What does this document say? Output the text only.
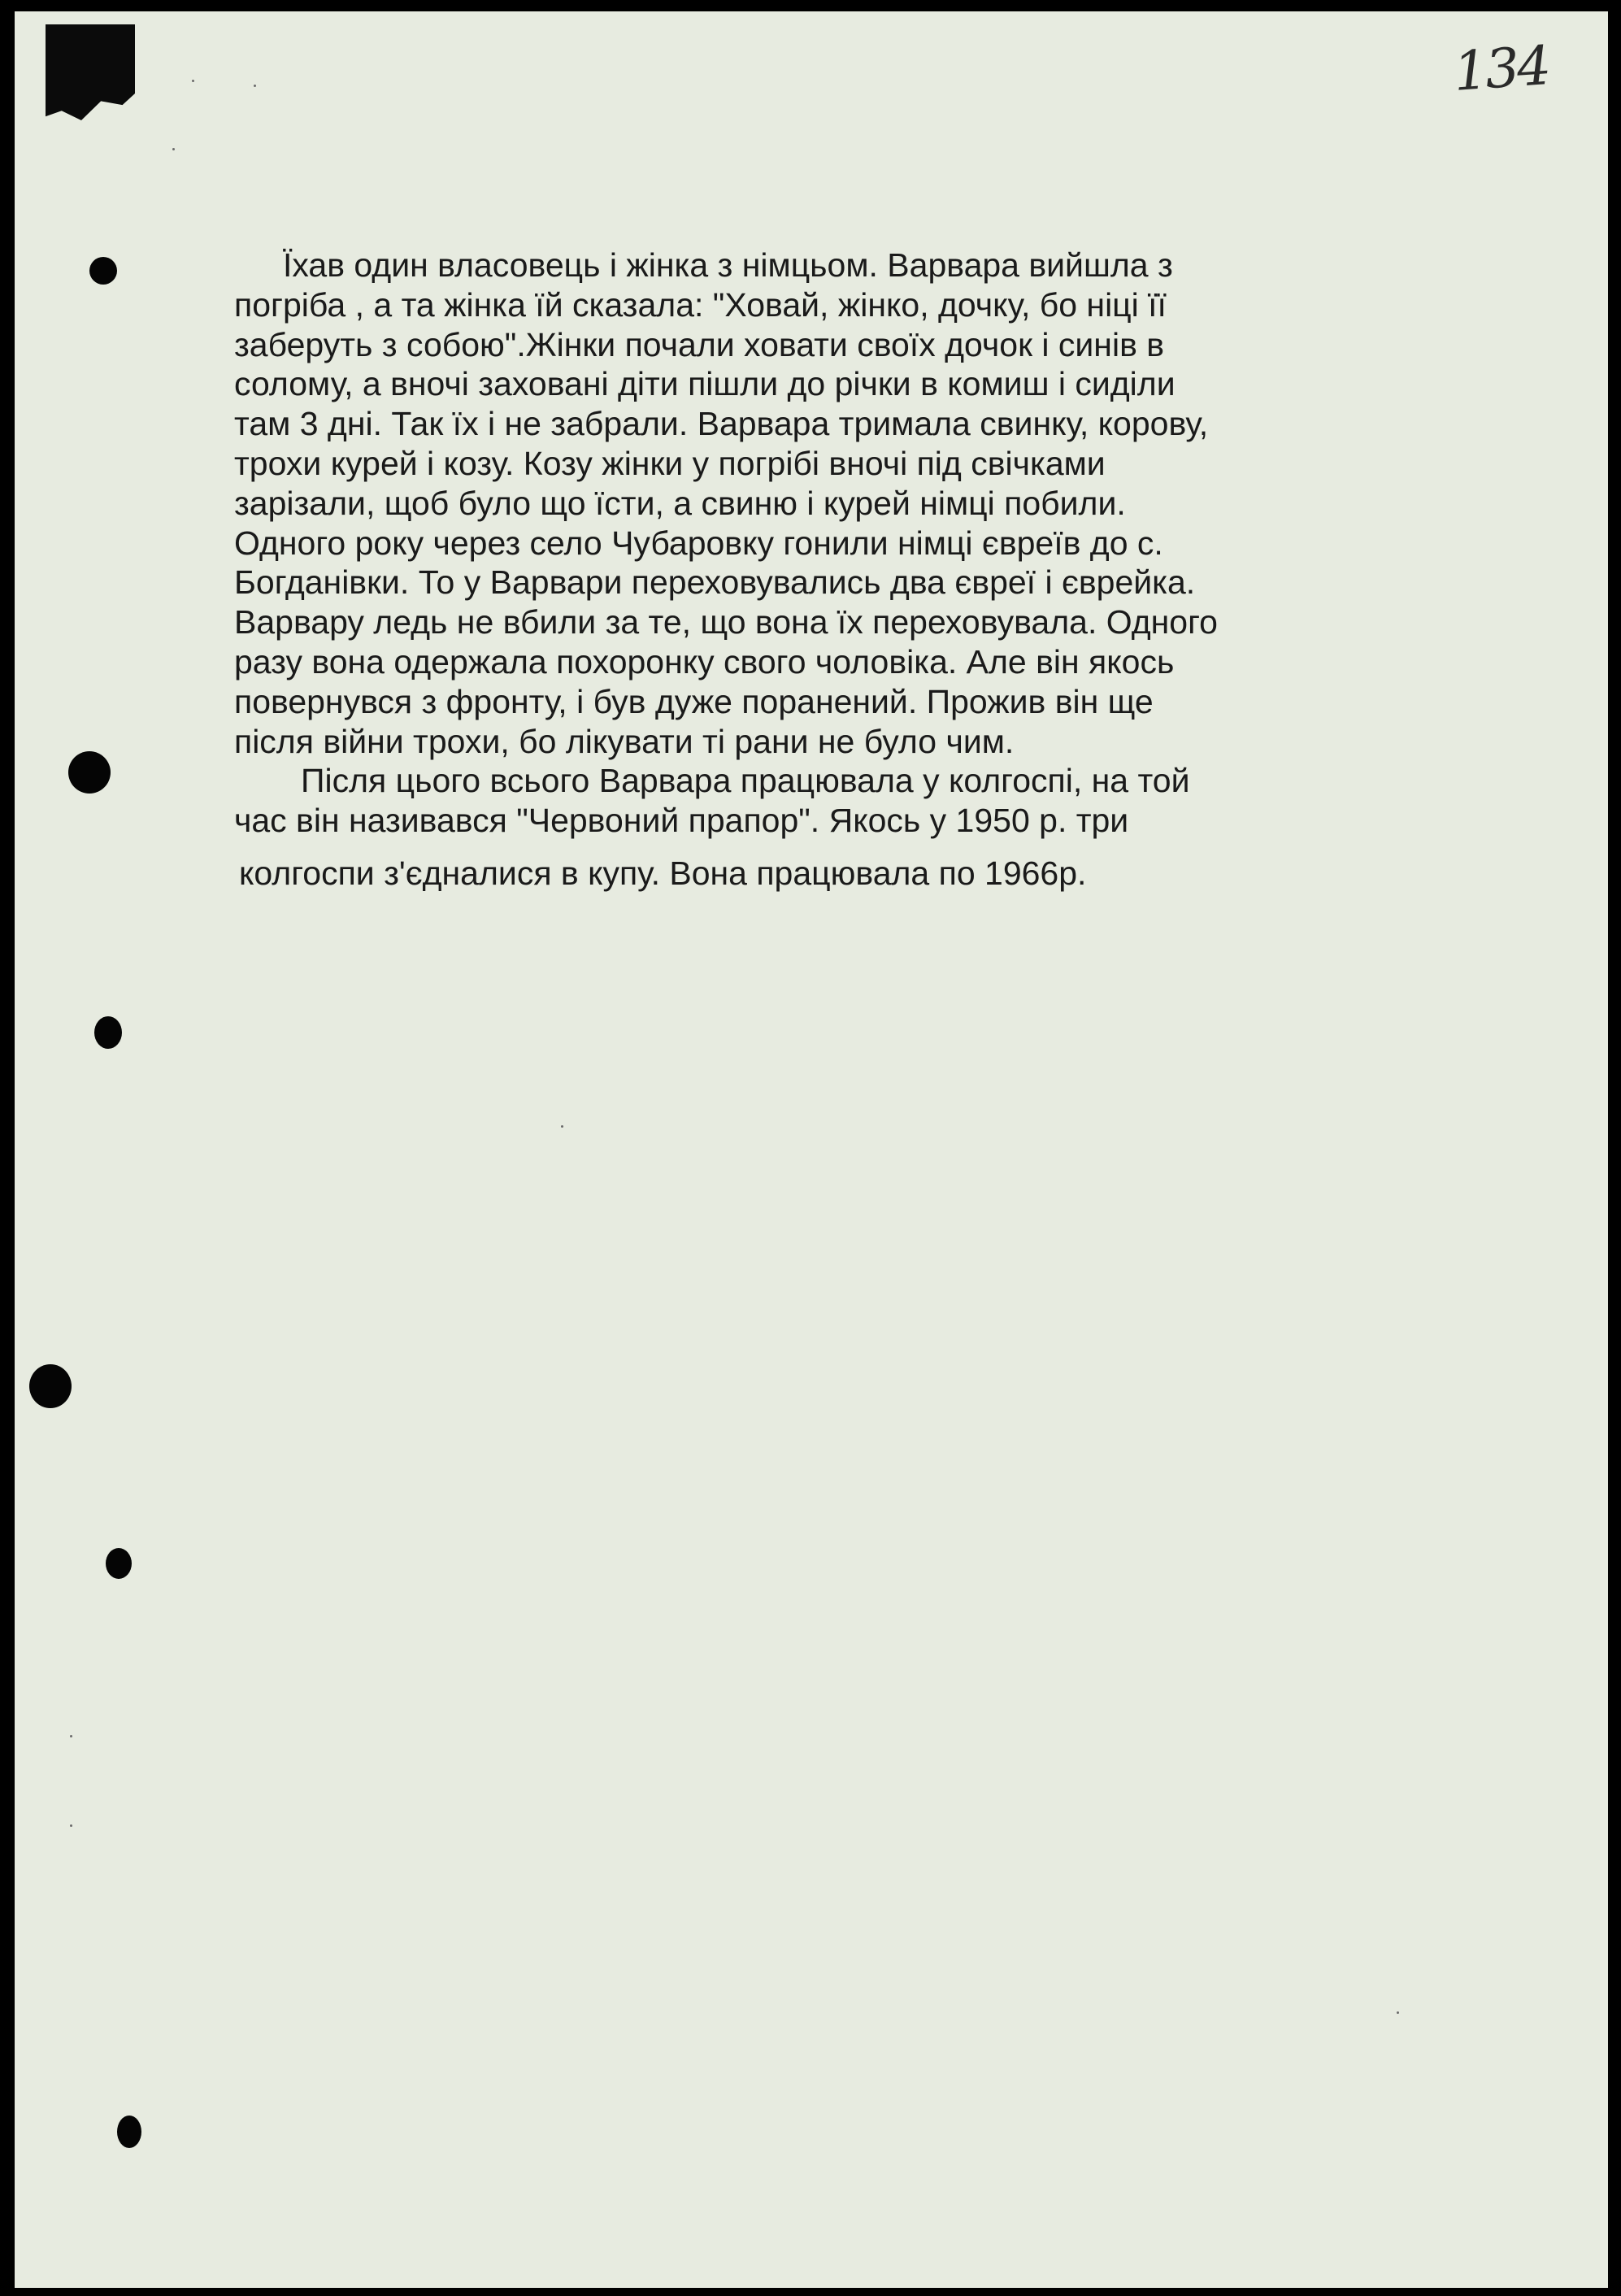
134
Їхав один власовець і жінка з німцьом. Варвара вийшла з
погріба , а та жінка їй сказала: "Ховай, жінко, дочку, бо ніці її
заберуть з собою".Жінки почали ховати своїх дочок і синів в
солому, а вночі заховані діти пішли до річки в комиш і сиділи
там 3 дні. Так їх і не забрали. Варвара тримала свинку, корову,
трохи курей і козу. Козу жінки у погрібі вночі під свічками
зарізали, щоб було що їсти, а свиню і курей німці побили.
Одного року через село Чубаровку гонили німці євреїв до с.
Богданівки. То у Варвари переховувались два євреї і єврейка.
Варвару ледь не вбили за те, що вона їх переховувала. Одного
разу вона одержала похоронку свого чоловіка. Але він якось
повернувся з фронту, і був дуже поранений. Прожив він ще
після війни трохи, бо лікувати ті рани не було чим.
Після цього всього Варвара працювала у колгоспі, на той
час він називався "Червоний прапор". Якось у 1950 р. три
колгоспи з'єдналися в купу. Вона працювала по 1966р.
